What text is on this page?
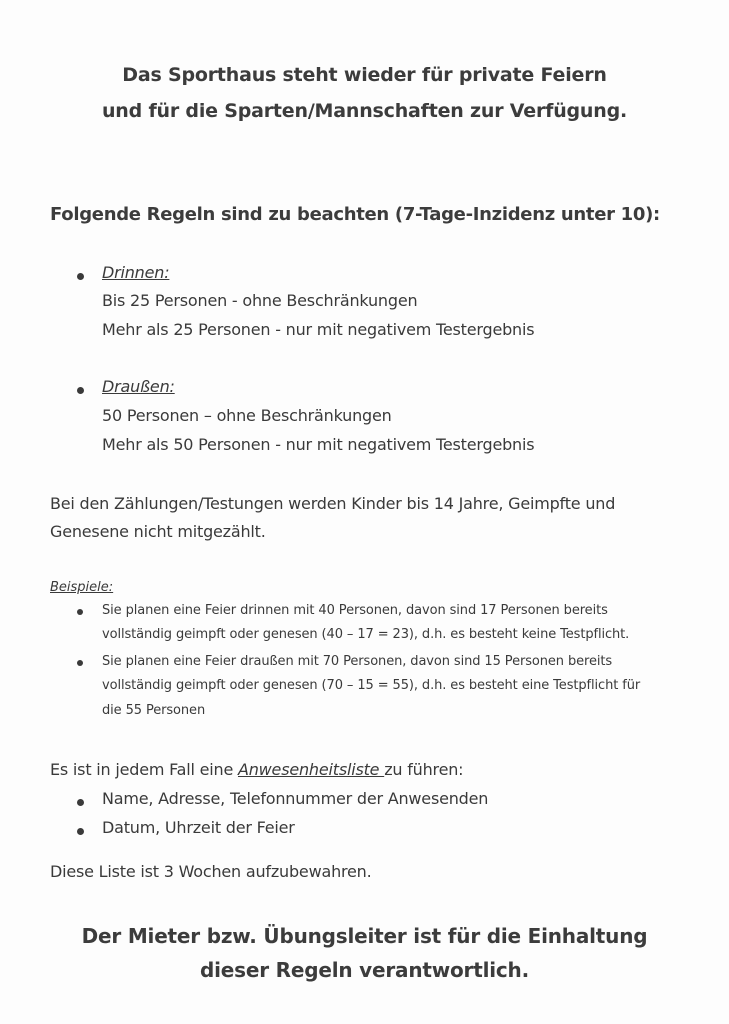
Das Sporthaus steht wieder für private Feiern
und für die Sparten/Mannschaften zur Verfügung.
Folgende Regeln sind zu beachten (7-Tage-Inzidenz unter 10):
Drinnen:
Bis 25 Personen - ohne Beschränkungen
Mehr als 25 Personen - nur mit negativem Testergebnis
Draußen:
50 Personen – ohne Beschränkungen
Mehr als 50 Personen - nur mit negativem Testergebnis
Bei den Zählungen/Testungen werden Kinder bis 14 Jahre, Geimpfte und
Genesene nicht mitgezählt.
Beispiele:
Sie planen eine Feier drinnen mit 40 Personen, davon sind 17 Personen bereits
vollständig geimpft oder genesen (40 – 17 = 23), d.h. es besteht keine Testpflicht.
Sie planen eine Feier draußen mit 70 Personen, davon sind 15 Personen bereits
vollständig geimpft oder genesen (70 – 15 = 55), d.h. es besteht eine Testpflicht für
die 55 Personen
Es ist in jedem Fall eine Anwesenheitsliste zu führen:
Name, Adresse, Telefonnummer der Anwesenden
Datum, Uhrzeit der Feier
Diese Liste ist 3 Wochen aufzubewahren.
Der Mieter bzw. Übungsleiter ist für die Einhaltung
dieser Regeln verantwortlich.
